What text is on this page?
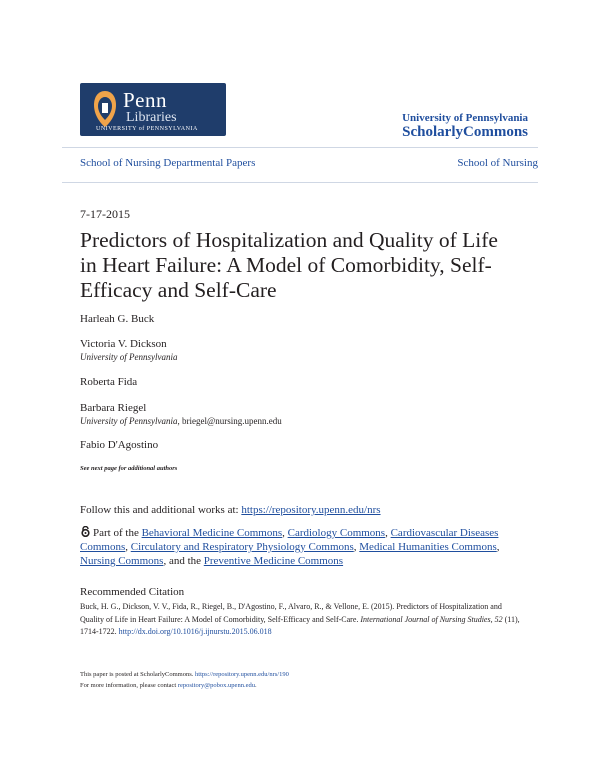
Penn
Libraries
UNIVERSITY of PENNSYLVANIA
University of Pennsylvania
ScholarlyCommons
School of Nursing Departmental Papers	School of Nursing
7-17-2015
Predictors of Hospitalization and Quality of Life in Heart Failure: A Model of Comorbidity, Self-Efficacy and Self-Care
Harleah G. Buck
Victoria V. Dickson
University of Pennsylvania
Roberta Fida
Barbara Riegel
University of Pennsylvania, briegel@nursing.upenn.edu
Fabio D'Agostino
See next page for additional authors
Follow this and additional works at: https://repository.upenn.edu/nrs
Part of the Behavioral Medicine Commons, Cardiology Commons, Cardiovascular Diseases Commons, Circulatory and Respiratory Physiology Commons, Medical Humanities Commons, Nursing Commons, and the Preventive Medicine Commons
Recommended Citation
Buck, H. G., Dickson, V. V., Fida, R., Riegel, B., D'Agostino, F., Alvaro, R., & Vellone, E. (2015). Predictors of Hospitalization and Quality of Life in Heart Failure: A Model of Comorbidity, Self-Efficacy and Self-Care. International Journal of Nursing Studies, 52 (11), 1714-1722. http://dx.doi.org/10.1016/j.ijnurstu.2015.06.018
This paper is posted at ScholarlyCommons. https://repository.upenn.edu/nrs/190
For more information, please contact repository@pobox.upenn.edu.
